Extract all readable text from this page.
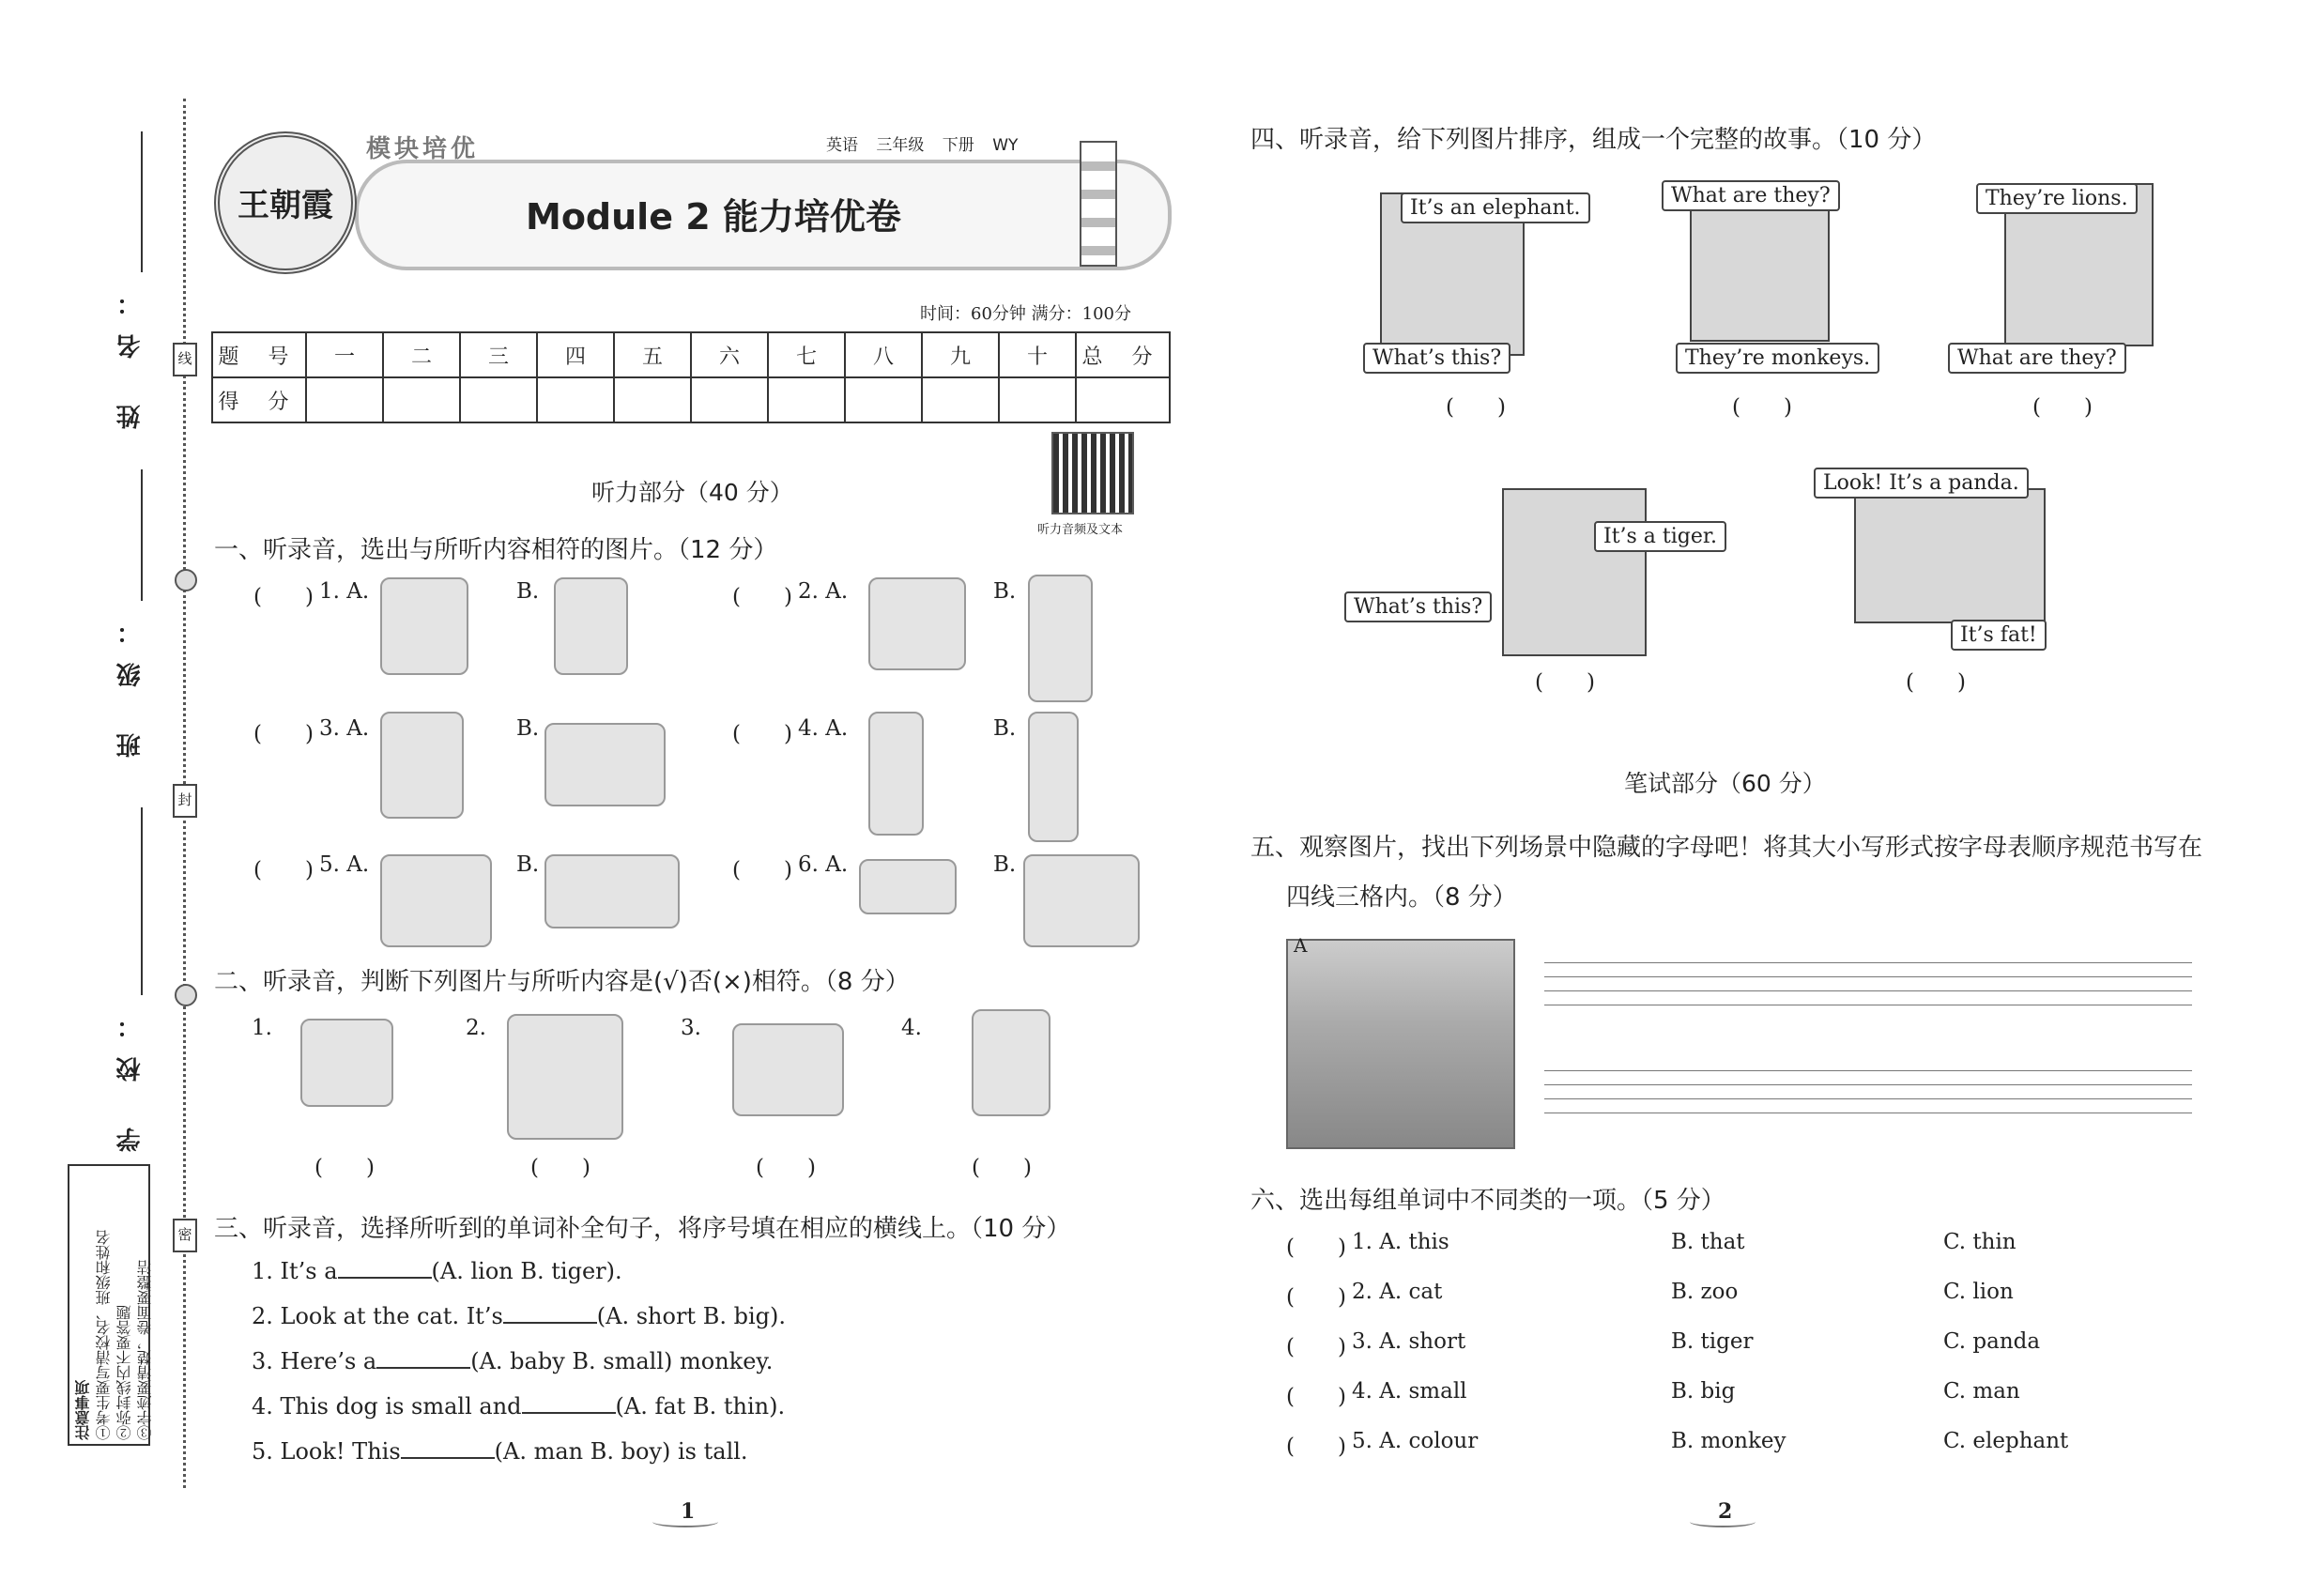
姓 名：
班 级：
学 校：
线
封
密
注意事项 ①考生要写清校名、班级和姓名 ②弥封线内不要答题 ③字迹要清楚，卷面要整洁
王朝霞
模块培优	英语 三年级 下册 WY
Module 2 能力培优卷
时间：60分钟 满分：100分
题 号	一	二	三	四	五	六	七	八	九	十	总 分
得 分											
听力音频及文本
听力部分（40 分）
一、听录音，选出与所听内容相符的图片。（12 分）
(　　) 1. A.	B.	(　　) 2. A.	B.
(　　) 3. A.	B.	(　　) 4. A.	B.
(　　) 5. A.	B.	(　　) 6. A.	B.
二、听录音，判断下列图片与所听内容是(√)否(×)相符。（8 分）
1.
(　　)
2.
(　　)
3.
(　　)
4.
(　　)
三、听录音，选择所听到的单词补全句子，将序号填在相应的横线上。（10 分）
1. It’s a	(A. lion B. tiger).
2. Look at the cat. It’s	(A. short B. big).
3. Here’s a	(A. baby B. small) monkey.
4. This dog is small and	(A. fat B. thin).
5. Look! This	(A. man B. boy) is tall.
1
四、听录音，给下列图片排序，组成一个完整的故事。（10 分）
It’s an elephant.
What’s this?
(　　)
What are they?
They’re monkeys.
(　　)
They’re lions.
What are they?
(　　)
It’s a tiger.
What’s this?
(　　)
Look! It’s a panda.
It’s fat!
(　　)
笔试部分（60 分）
五、观察图片，找出下列场景中隐藏的字母吧！将其大小写形式按字母表顺序规范书写在
四线三格内。（8 分）
A
六、选出每组单词中不同类的一项。（5 分）
(　　) 1. A. this	B. that	C. thin
(　　) 2. A. cat	B. zoo	C. lion
(　　) 3. A. short	B. tiger	C. panda
(　　) 4. A. small	B. big	C. man
(　　) 5. A. colour	B. monkey	C. elephant
2
